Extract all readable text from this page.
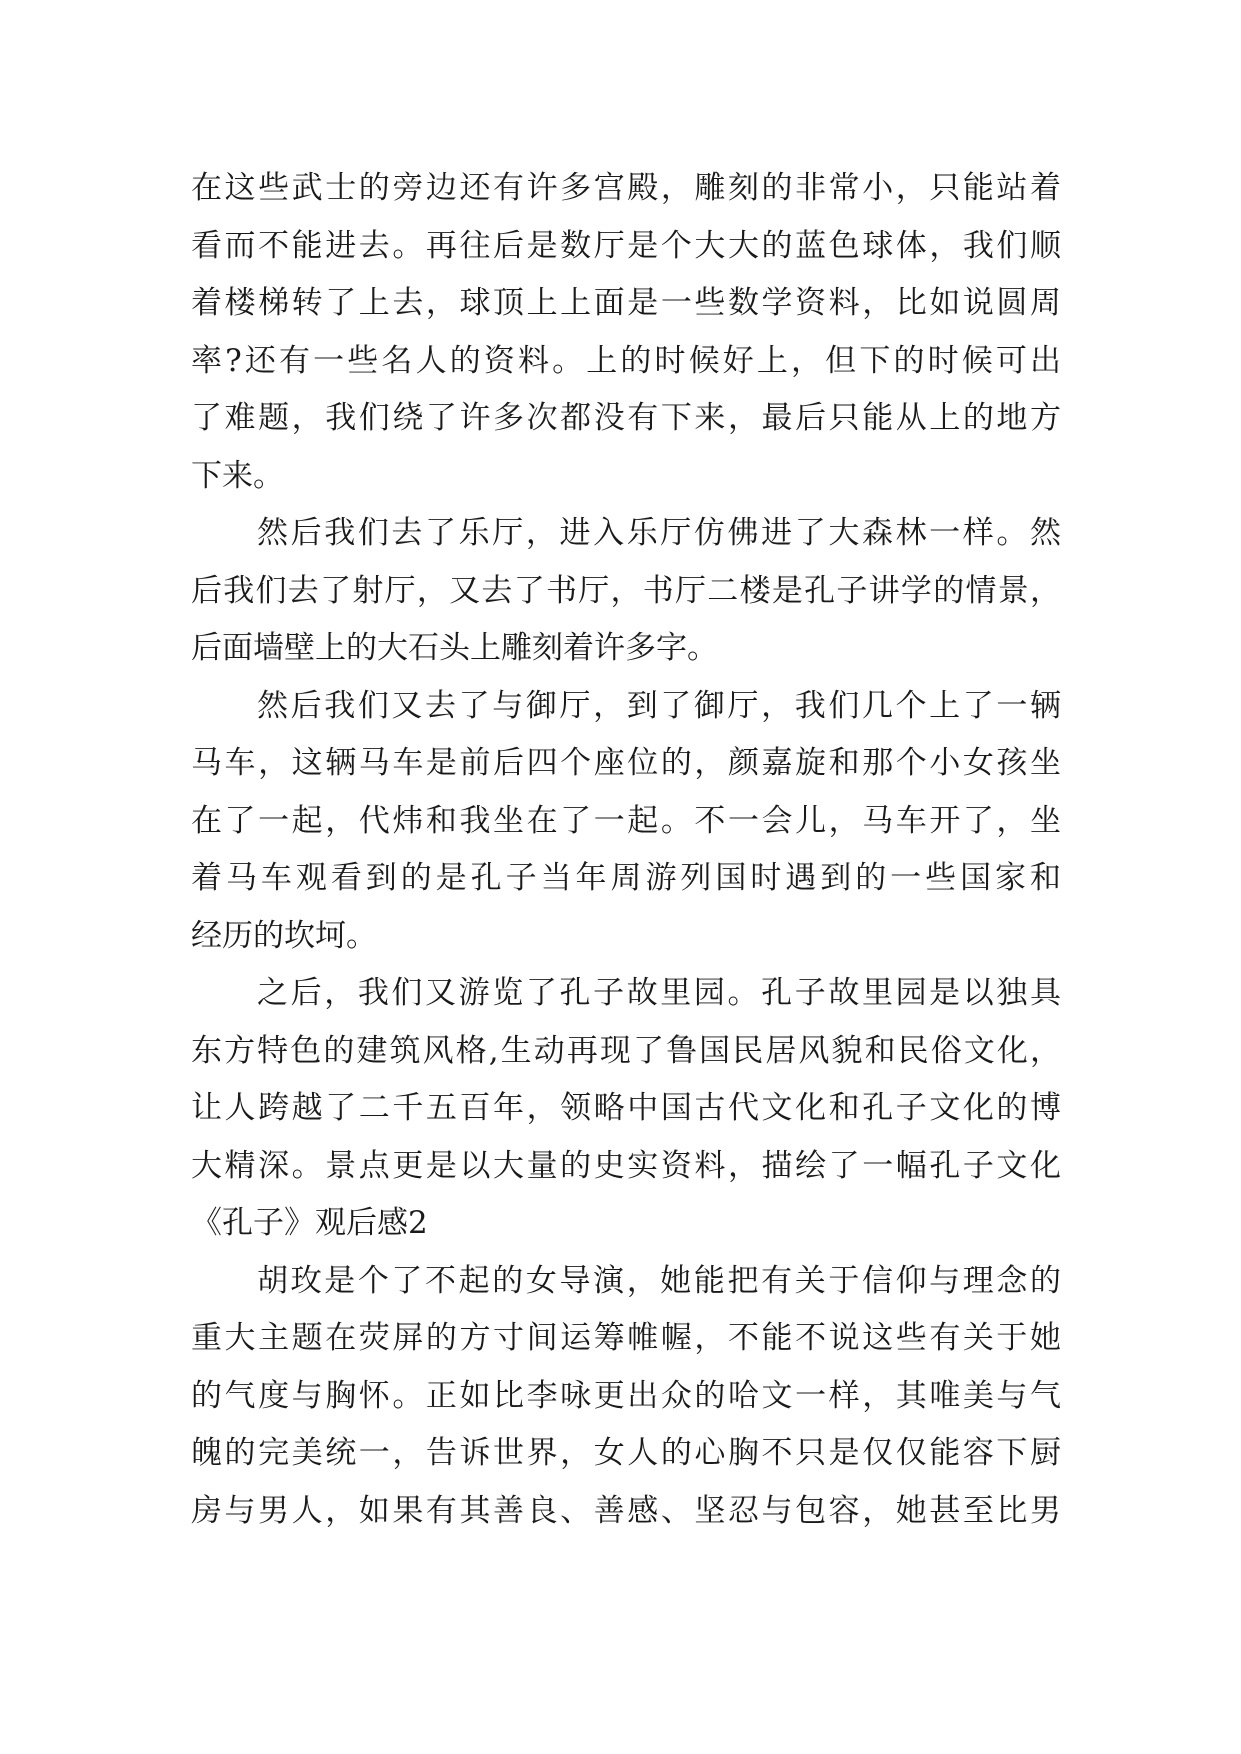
在这些武士的旁边还有许多宫殿，雕刻的非常小，只能站着
看而不能进去。再往后是数厅是个大大的蓝色球体，我们顺
着楼梯转了上去，球顶上上面是一些数学资料，比如说圆周
率?还有一些名人的资料。上的时候好上，但下的时候可出
了难题，我们绕了许多次都没有下来，最后只能从上的地方
下来。
然后我们去了乐厅，进入乐厅仿佛进了大森林一样。然
后我们去了射厅，又去了书厅，书厅二楼是孔子讲学的情景，
后面墙壁上的大石头上雕刻着许多字。
然后我们又去了与御厅，到了御厅，我们几个上了一辆
马车，这辆马车是前后四个座位的，颜嘉旋和那个小女孩坐
在了一起，代炜和我坐在了一起。不一会儿，马车开了，坐
着马车观看到的是孔子当年周游列国时遇到的一些国家和
经历的坎坷。
之后，我们又游览了孔子故里园。孔子故里园是以独具
东方特色的建筑风格,生动再现了鲁国民居风貌和民俗文化，
让人跨越了二千五百年，领略中国古代文化和孔子文化的博
大精深。景点更是以大量的史实资料，描绘了一幅孔子文化
《孔子》观后感2
胡玫是个了不起的女导演，她能把有关于信仰与理念的
重大主题在荧屏的方寸间运筹帷幄，不能不说这些有关于她
的气度与胸怀。正如比李咏更出众的哈文一样，其唯美与气
魄的完美统一，告诉世界，女人的心胸不只是仅仅能容下厨
房与男人，如果有其善良、善感、坚忍与包容，她甚至比男
